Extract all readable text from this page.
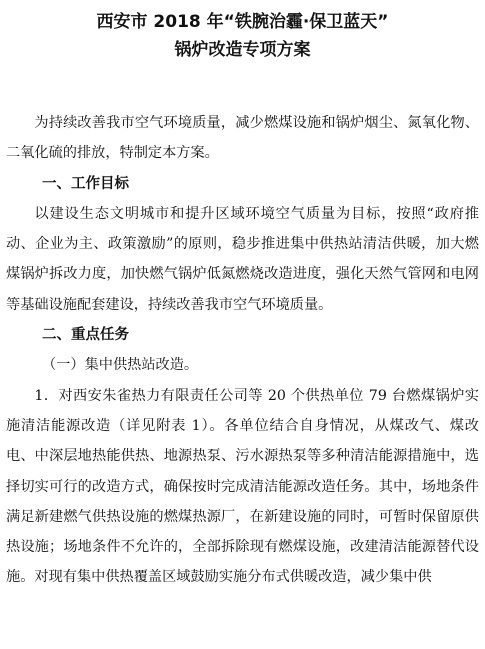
西安市 2018 年“铁腕治霾·保卫蓝天”

锅炉改造专项方案

为持续改善我市空气环境质量，减少燃煤设施和锅炉烟尘、氮氧化物、二氧化硫的排放，特制定本方案。

一、工作目标

以建设生态文明城市和提升区域环境空气质量为目标，按照“政府推动、企业为主、政策激励”的原则，稳步推进集中供热站清洁供暖，加大燃煤锅炉拆改力度，加快燃气锅炉低氮燃烧改造进度，强化天然气管网和电网等基础设施配套建设，持续改善我市空气环境质量。

二、重点任务

（一）集中供热站改造。

1．对西安朱雀热力有限责任公司等 20 个供热单位 79 台燃煤锅炉实施清洁能源改造（详见附表 1）。各单位结合自身情况，从煤改气、煤改电、中深层地热能供热、地源热泵、污水源热泵等多种清洁能源措施中，选择切实可行的改造方式，确保按时完成清洁能源改造任务。其中，场地条件满足新建燃气供热设施的燃煤热源厂，在新建设施的同时，可暂时保留原供热设施；场地条件不允许的，全部拆除现有燃煤设施，改建清洁能源替代设施。对现有集中供热覆盖区域鼓励实施分布式供暖改造，减少集中供
